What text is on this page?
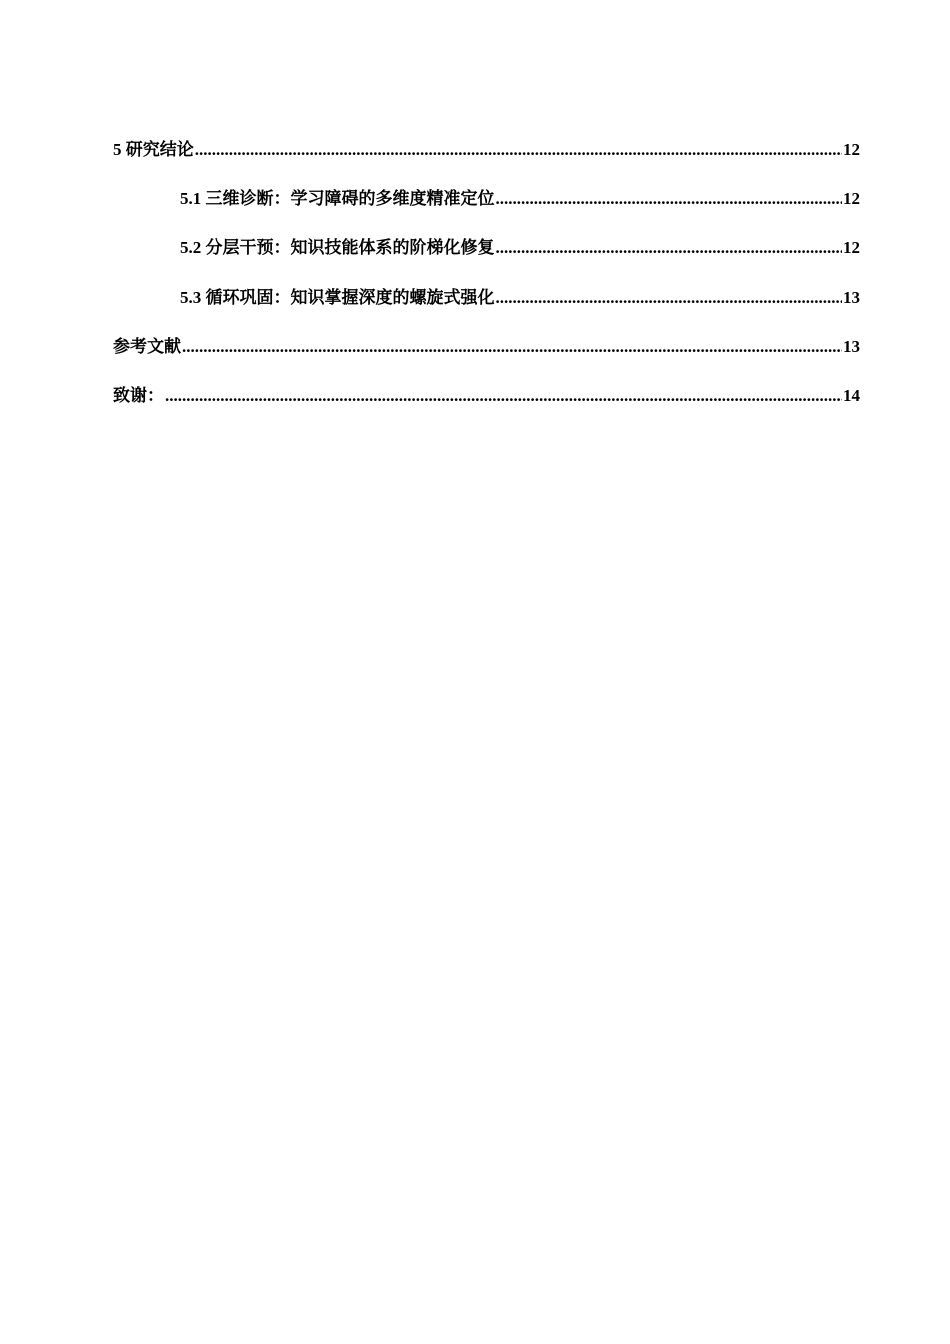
5 研究结论 .....	12
5.1 三维诊断：学习障碍的多维度精准定位 .....	12
5.2 分层干预：知识技能体系的阶梯化修复 .....	12
5.3 循环巩固：知识掌握深度的螺旋式强化 .....	13
参考文献 .....	13
致谢： .....	14
